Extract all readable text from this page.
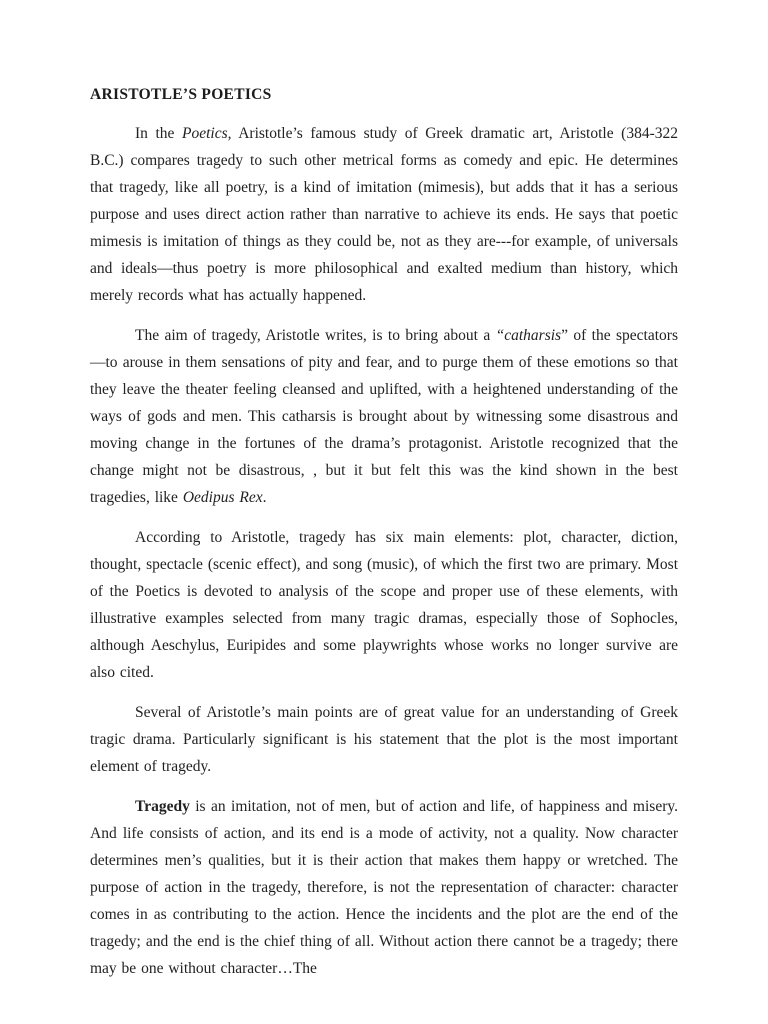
ARISTOTLE’S POETICS

In the Poetics, Aristotle’s famous study of Greek dramatic art, Aristotle (384-322 B.C.) compares tragedy to such other metrical forms as comedy and epic. He determines that tragedy, like all poetry, is a kind of imitation (mimesis), but adds that it has a serious purpose and uses direct action rather than narrative to achieve its ends. He says that poetic mimesis is imitation of things as they could be, not as they are---for example, of universals and ideals—thus poetry is more philosophical and exalted medium than history, which merely records what has actually happened.

The aim of tragedy, Aristotle writes, is to bring about a “catharsis” of the spectators—to arouse in them sensations of pity and fear, and to purge them of these emotions so that they leave the theater feeling cleansed and uplifted, with a heightened understanding of the ways of gods and men. This catharsis is brought about by witnessing some disastrous and moving change in the fortunes of the drama’s protagonist. Aristotle recognized that the change might not be disastrous, , but it but felt this was the kind shown in the best tragedies, like Oedipus Rex.

According to Aristotle, tragedy has six main elements: plot, character, diction, thought, spectacle (scenic effect), and song (music), of which the first two are primary. Most of the Poetics is devoted to analysis of the scope and proper use of these elements, with illustrative examples selected from many tragic dramas, especially those of Sophocles, although Aeschylus, Euripides and some playwrights whose works no longer survive are also cited.

Several of Aristotle’s main points are of great value for an understanding of Greek tragic drama. Particularly significant is his statement that the plot is the most important element of tragedy.

Tragedy is an imitation, not of men, but of action and life, of happiness and misery. And life consists of action, and its end is a mode of activity, not a quality. Now character determines men’s qualities, but it is their action that makes them happy or wretched. The purpose of action in the tragedy, therefore, is not the representation of character: character comes in as contributing to the action. Hence the incidents and the plot are the end of the tragedy; and the end is the chief thing of all. Without action there cannot be a tragedy; there may be one without character…The
